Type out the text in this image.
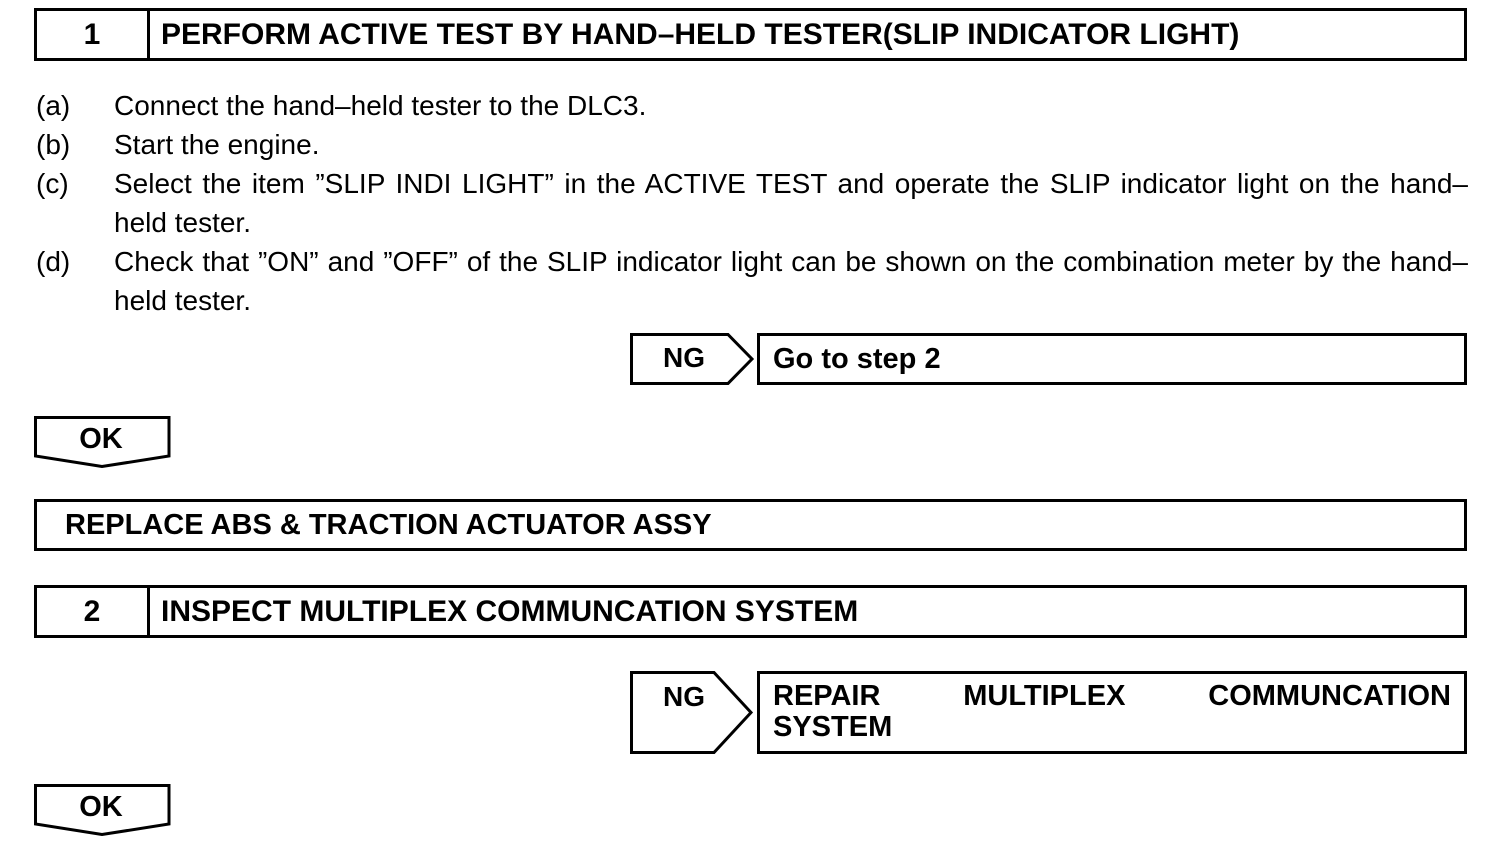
1	PERFORM ACTIVE TEST BY HAND–HELD TESTER(SLIP INDICATOR LIGHT)
(a)	Connect the hand–held tester to the DLC3.
(b)	Start the engine.
(c)	Select the item ”SLIP INDI LIGHT” in the ACTIVE TEST and operate the SLIP indicator light on the hand–held tester.
(d)	Check that ”ON” and ”OFF” of the SLIP indicator light can be shown on the combination meter by the hand–held tester.
NG Go to step 2
OK
REPLACE ABS & TRACTION ACTUATOR ASSY
2	INSPECT MULTIPLEX COMMUNCATION SYSTEM
NG REPAIR	MULTIPLEX	COMMUNCATION
SYSTEM
OK
